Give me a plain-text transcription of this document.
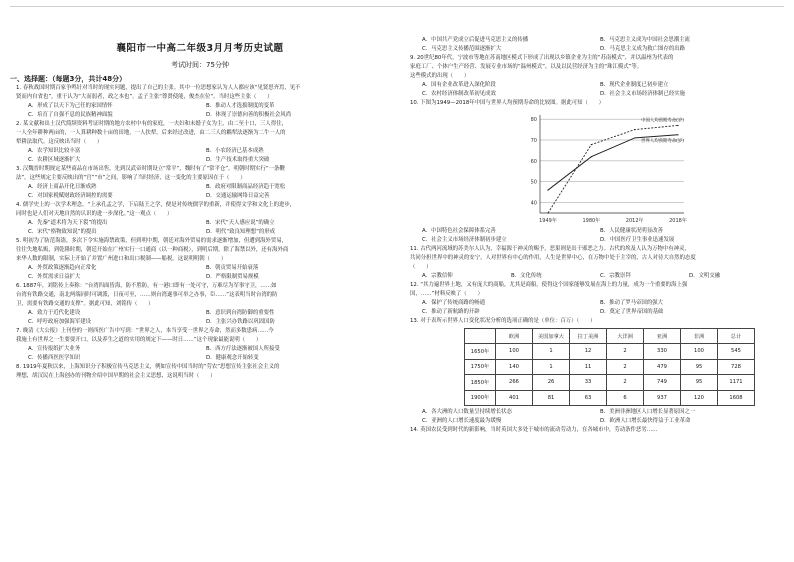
襄阳市一中高二年级3月月考历史试题
考试时间：75分钟
一、选择题：（每题3分，共计48分）
1. 春秋战国时期百家争鸣针对当时的现实问题，提出了自己的主张。其中一位思想家认为人人都应该“见贤思齐焉，见不
贤而内自省也”，重于认为“大而弱者，政之本也”。孟子主张“尊贤使能，俊杰在位”。当时这些主张（　　）
A．形成了以天下为己任的家国情怀	B．推动人才选拔制度的变革
C．培育了自强不息的民族精神面貌	D．体现了崇德向善的积极社会风尚
2. 某文献和出土汉代简牍资料考证时期的地方农村中有的家庭，一夫妇和未婚子女为主，由二至十口，三人得住，
一人全年耕种两亩的，一人算耕种数十亩的田地，一人扶犁，后来经过改进，由二三人的耦犁法逐渐为二牛一人的
犁耕法取代。这反映出当时（　　）
A．农学知识比较丰富	B．小农经济已基本成熟
C．农耕区域逐渐扩大	D．生产技术取得重大突破
3. 汉魏晋时期规定某些商品在市场出售，先到汉武帝时期设立“常平”，魏时有了“常平仓”。明朝时期实行“一条鞭
法”。这些规定主要反映出的“官”“市”之间，影响了当时经济，这一变化的主要原因在于（　　）
A．经济上商品开化日渐成熟	B．政府对限制商品经济趋于宽松
C．对国家税赋财政经济调控的需要	D．交通运输网络日益完善
4. 儒学史上的一次学术理念，“上承孔孟之学，下启陆王之学，便是对传统儒学的重新，并使得文学和文化上的进步，
同时也是人们对天地自然的认识的进一步深化。”这一观点（　　）
A．先秦“道术将为天下裂”的提出	B．宋代“天人感应说”的确立
C．宋代“格物致知说”的提出	D．明代“致良知理想”的形成
5. 明初为了防范海盗，多次下令实施海禁政策，但到明中期，朝廷对海外贸易的需求逐渐增加，但遭到海外贸易，
往往失地私贩，到乾隆时期，朝廷开始在广州实行一口通商（以一种商税），到明后期，除了海禁以外，还有海外商
来华人数的限制，实际上开始了并置广州进口和出口税制——船税。这说明明朝（　　）
A．外贸政策逐渐趋向正常化	B．朝贡贸易开始衰落
C．外贸需求日益扩大	D．严格限制贸易规模
6. 1887年，刘铭传上奏称：“台湾四面皆海，防不胜防，有一港口即有一处可守，万难尽为军事守卫，……如
台湾有铁路交通，南北两端同时可调派，日夜可至，……则台湾遂事可举之办事，臣……”这表明当时台湾的防
卫，需要有铁路交通的支撑”。据此可知，刘铭传（　　）
A．致力于近代化建设	B．意识到台湾防御的重要性
C．呼吁政府加强海军建设	D．主张兴办铁路以巩固国防
7. 晚清《大公报》上刊登的一则西医广告中写到：“世界之人，本当享受一世界之寿命，然而多数患病……今
我施上有世界之一生要要开口，以及养生之道的实用的规定下——时日……”这个现象最能说明（　　）
A．宣传报纸扩大业务	B．西方疗法逐渐被国人所接受
C．传播西医医学知识	D．健康观念开始转变
8. 1919年夏秋以来，上海知识分子积极宣传马克思主义，例如宣传中国当时的“劳农”思想宣传主张社会主义的
理想，胡汉民在上海创办的刊物介绍中国早期的社会主义思想，这说明当时（　　）
A．中国共产党成立后促进马克思主义的传播	B．马克思主义成为中国社会思潮主流
C．马克思主义传播范围逐渐扩大	D．马克思主义成为救亡图存的出路
9. 20世纪80年代，宁波市等地在苏南地区模式下形成了出现以乡镇企业为主的“苏南模式”，并以温州为代表的
家庭工厂、个体户生产经营、发展专业市场的“温州模式”，以及以民营经济为主的“珠江模式”等。
这些模式的出现（　　）
A．国有企业改革进入深化阶段	B．现代企业制度已初步建立
C．农村经济体制改革初见成效	D．社会主义市场经济体制已经实施
10. 下图为1949—2018年中国与世界人均预期寿命的比较图。据此可知（　　）
40
50
60
70
80
1949年	1980年	2012年	2018年
中国人均预期寿命(岁)
世界人均预期寿命(岁)
A．中国特色社会保障体系完善	B．人民健康状况明显改善
C．社会主义市场经济体制初步建立	D．中国医疗卫生事业迅速发展
11. 古代两河流域的苏美尔人认为，幸福源于神灵的赐予，恶果则是出于邪恶之力。古代的埃及人认为万物中有神灵，
共同分担世界中的神灵的安宁，人对世界有中心的作用，人生是世界中心，在万物中处于主宰的，古人对待大自然的态度
（　　）
A．宗教信仰	B．文化传统	C．宗教崇拜	D．文明交融
12. “其力遍世界土地，又有庞大的商船，尤其是商船，使得这个国家能够发展在海上的力量，成为一个重要的海上强
国，……”材料反映了（　　）
A．保护了传统商路的畅通	B．推动了罗马帝国的强大
C．推动了新航路的开辟	D．奠定了世界帝国的基础
13. 对于表所示世界人口变化状况分析的选项正确的是（单位：百万）（　　）
	欧洲	美国加拿大	拉丁美洲	大洋洲	亚洲	非洲	总计
1650年	100	1	12	2	330	100	545
1750年	140	1	11	2	479	95	728
1850年	266	26	33	2	749	95	1171
1900年	401	81	63	6	937	120	1608
A．各大洲的人口数量呈持续增长状态	B．美洲非洲地区人口增长显著原因之一
C．亚洲的人口增长速度最为缓慢	D．欧洲人口增长最快得益于工业革命
14. 英国农民受到时代的新影响，当时英国大多处于城市的流动劳动力，在各城市中，劳动条件恶劣……
